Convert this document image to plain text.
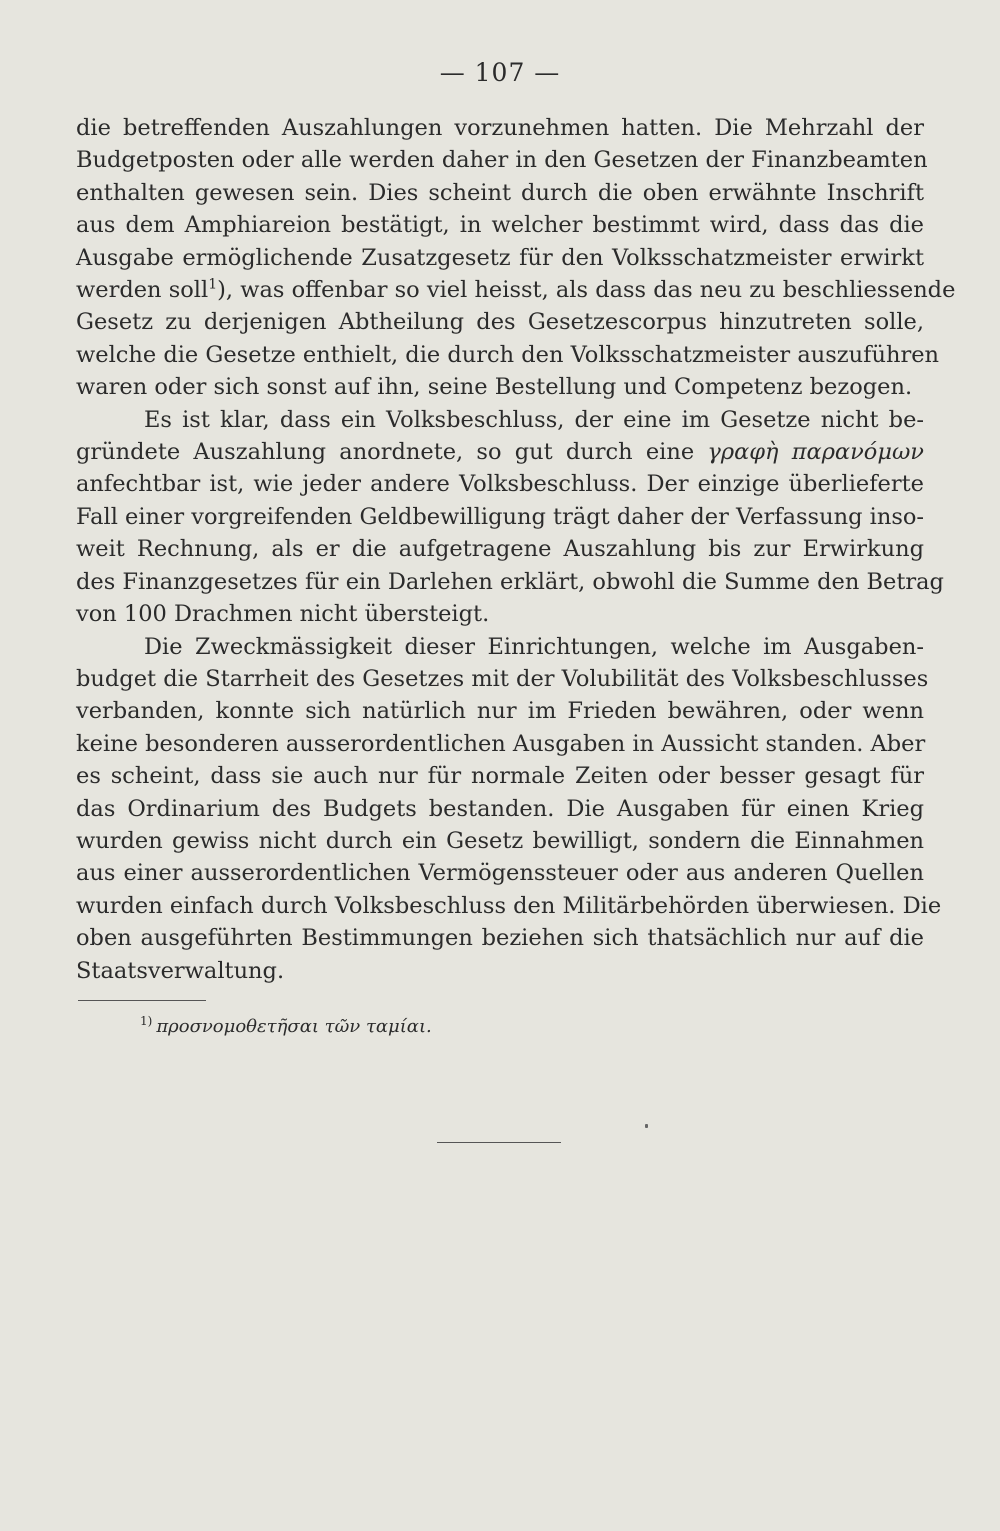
— 107 —

die betreffenden Auszahlungen vorzunehmen hatten. Die Mehrzahl der
Budgetposten oder alle werden daher in den Gesetzen der Finanzbeamten
enthalten gewesen sein. Dies scheint durch die oben erwähnte Inschrift
aus dem Amphiareion bestätigt, in welcher bestimmt wird, dass das die
Ausgabe ermöglichende Zusatzgesetz für den Volksschatzmeister erwirkt
werden soll$^1$), was offenbar so viel heisst, als dass das neu zu beschliessende
Gesetz zu derjenigen Abtheilung des Gesetzescorpus hinzutreten solle,
welche die Gesetze enthielt, die durch den Volksschatzmeister auszuführen
waren oder sich sonst auf ihn, seine Bestellung und Competenz bezogen.

Es ist klar, dass ein Volksbeschluss, der eine im Gesetze nicht be-
gründete Auszahlung anordnete, so gut durch eine γραφὴ παρανόμων
anfechtbar ist, wie jeder andere Volksbeschluss. Der einzige überlieferte
Fall einer vorgreifenden Geldbewilligung trägt daher der Verfassung inso-
weit Rechnung, als er die aufgetragene Auszahlung bis zur Erwirkung
des Finanzgesetzes für ein Darlehen erklärt, obwohl die Summe den Betrag
von 100 Drachmen nicht übersteigt.

Die Zweckmässigkeit dieser Einrichtungen, welche im Ausgaben-
budget die Starrheit des Gesetzes mit der Volubilität des Volksbeschlusses
verbanden, konnte sich natürlich nur im Frieden bewähren, oder wenn
keine besonderen ausserordentlichen Ausgaben in Aussicht standen. Aber
es scheint, dass sie auch nur für normale Zeiten oder besser gesagt für
das Ordinarium des Budgets bestanden. Die Ausgaben für einen Krieg
wurden gewiss nicht durch ein Gesetz bewilligt, sondern die Einnahmen
aus einer ausserordentlichen Vermögenssteuer oder aus anderen Quellen
wurden einfach durch Volksbeschluss den Militärbehörden überwiesen. Die
oben ausgeführten Bestimmungen beziehen sich thatsächlich nur auf die
Staatsverwaltung.

$^{1)}$ προσνομοθετῆσαι τῶν ταμίαι.
